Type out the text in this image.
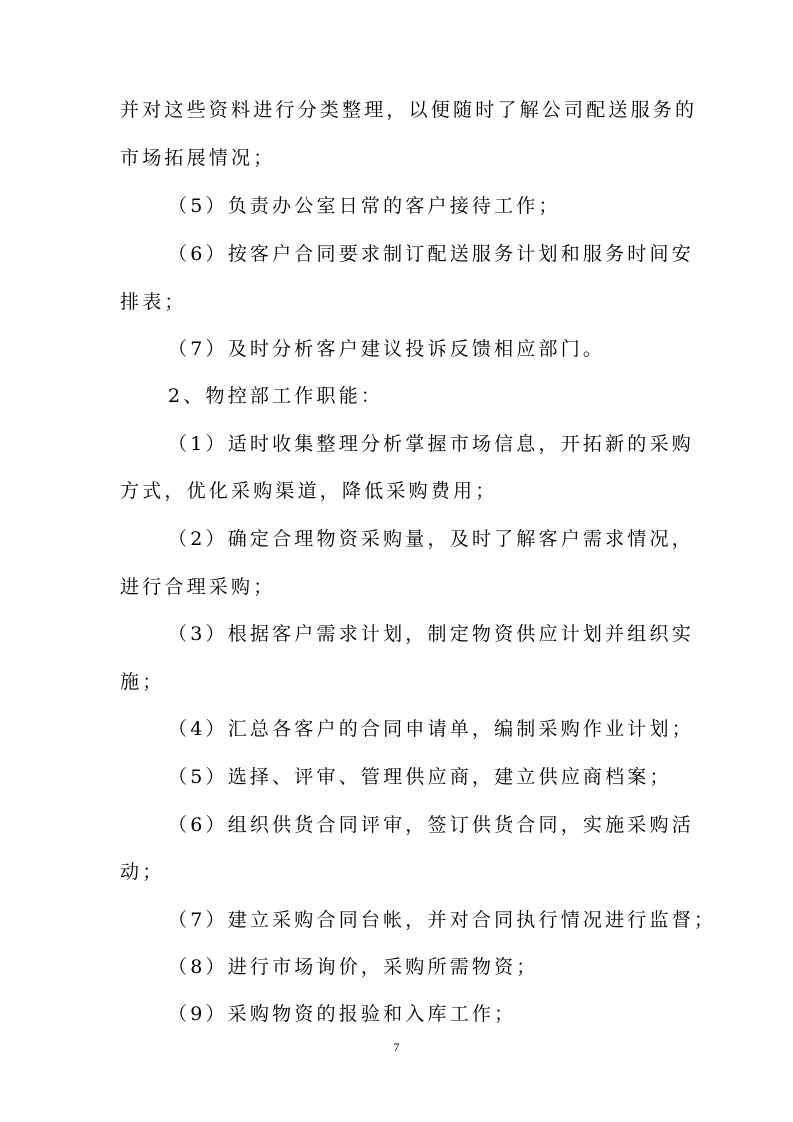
并对这些资料进行分类整理，以便随时了解公司配送服务的
市场拓展情况；
（5）负责办公室日常的客户接待工作；
（6）按客户合同要求制订配送服务计划和服务时间安
排表；
（7）及时分析客户建议投诉反馈相应部门。
2、物控部工作职能：
（1）适时收集整理分析掌握市场信息，开拓新的采购
方式，优化采购渠道，降低采购费用；
（2）确定合理物资采购量，及时了解客户需求情况，
进行合理采购；
（3）根据客户需求计划，制定物资供应计划并组织实
施；
（4）汇总各客户的合同申请单，编制采购作业计划；
（5）选择、评审、管理供应商，建立供应商档案；
（6）组织供货合同评审，签订供货合同，实施采购活
动；
（7）建立采购合同台帐，并对合同执行情况进行监督；
（8）进行市场询价，采购所需物资；
（9）采购物资的报验和入库工作；
7
